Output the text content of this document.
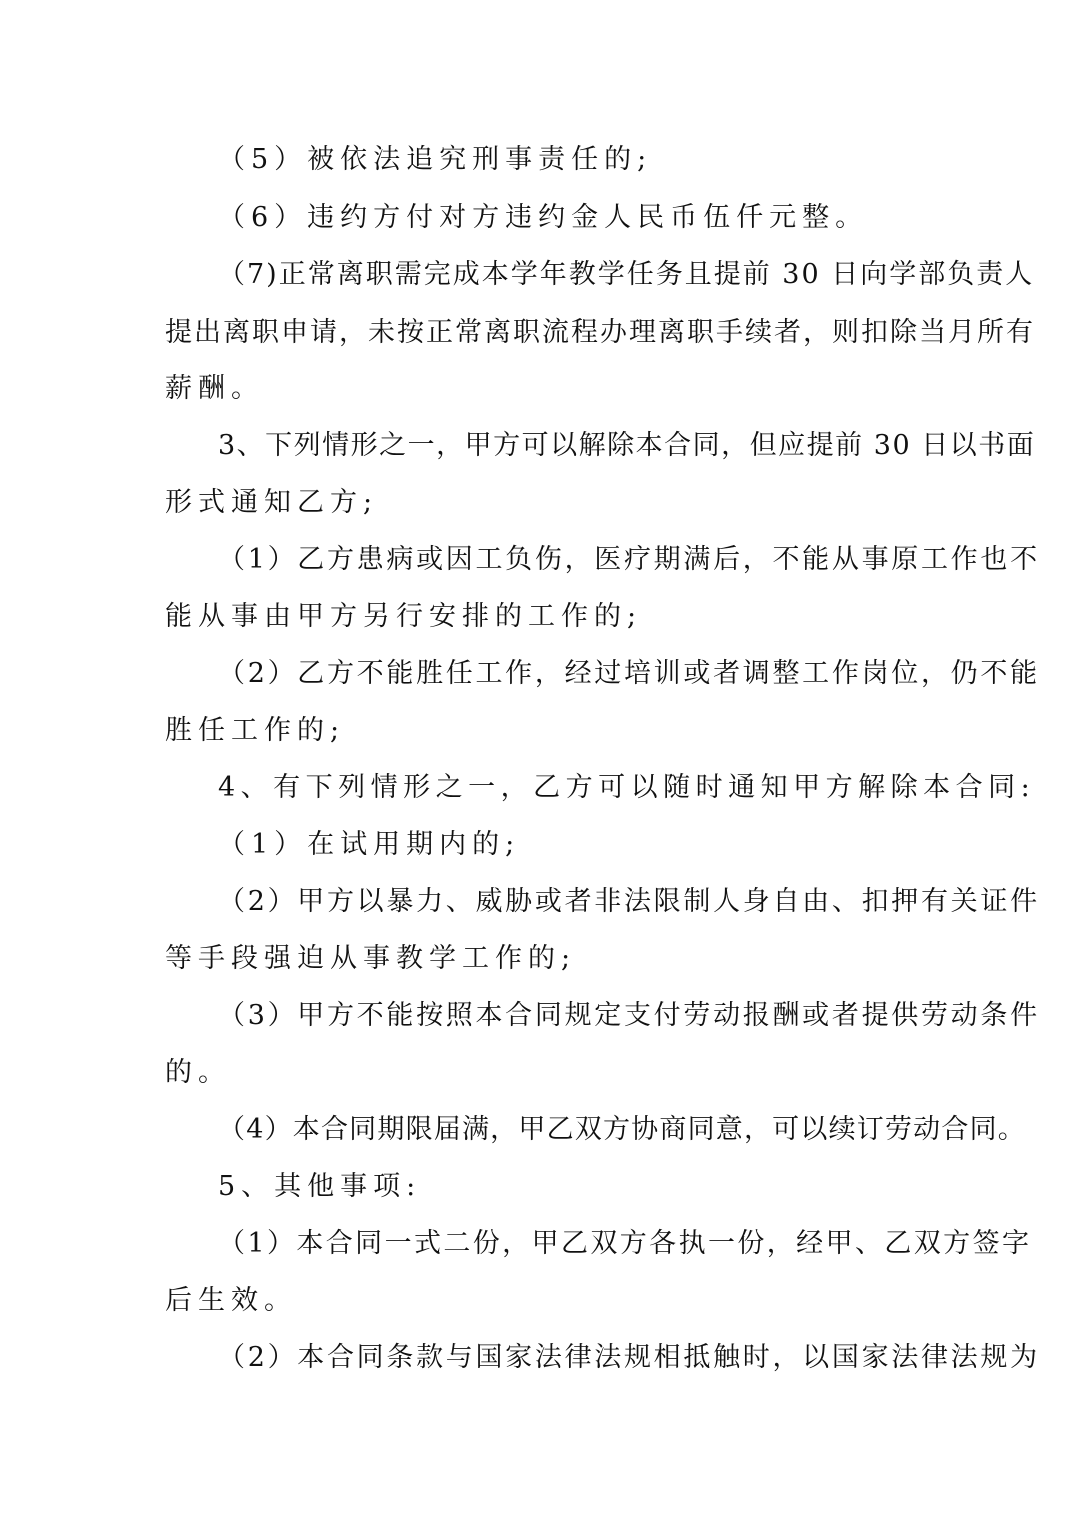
（5）被依法追究刑事责任的;
（6）违约方付对方违约金人民币伍仟元整。
（7)正常离职需完成本学年教学任务且提前 30 日向学部负责人
提出离职申请，未按正常离职流程办理离职手续者，则扣除当月所有
薪酬。
3、下列情形之一，甲方可以解除本合同，但应提前 30 日以书面
形式通知乙方;
（1）乙方患病或因工负伤，医疗期满后，不能从事原工作也不
能从事由甲方另行安排的工作的;
（2）乙方不能胜任工作，经过培训或者调整工作岗位，仍不能
胜任工作的;
4、有下列情形之一，乙方可以随时通知甲方解除本合同:
（1）在试用期内的;
（2）甲方以暴力、威胁或者非法限制人身自由、扣押有关证件
等手段强迫从事教学工作的;
（3）甲方不能按照本合同规定支付劳动报酬或者提供劳动条件
的。
（4）本合同期限届满，甲乙双方协商同意，可以续订劳动合同。
5、其他事项:
（1）本合同一式二份，甲乙双方各执一份，经甲、乙双方签字
后生效。
（2）本合同条款与国家法律法规相抵触时，以国家法律法规为
